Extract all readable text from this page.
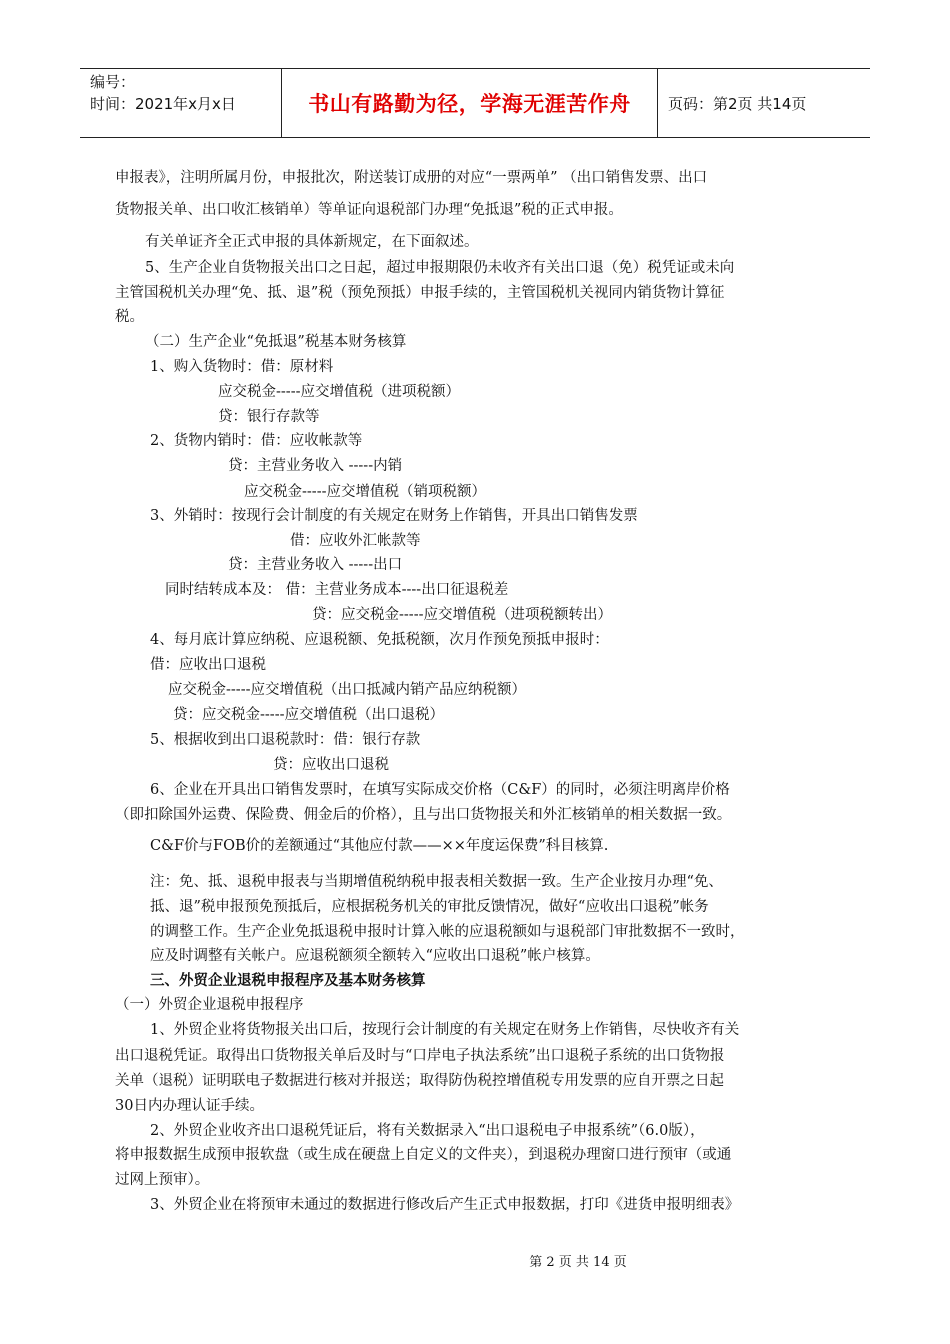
编号：
时间：2021年x月x日	书山有路勤为径，学海无涯苦作舟 页码：第2页 共14页
申报表》，注明所属月份，申报批次，附送装订成册的对应“一票两单” （出口销售发票、出口
货物报关单、出口收汇核销单）等单证向退税部门办理“免抵退”税的正式申报。
有关单证齐全正式申报的具体新规定，在下面叙述。
5、生产企业自货物报关出口之日起，超过申报期限仍未收齐有关出口退（免）税凭证或未向
主管国税机关办理“免、抵、退”税（预免预抵）申报手续的，主管国税机关视同内销货物计算征
税。
（二）生产企业“免抵退”税基本财务核算
1、购入货物时：借：原材料
应交税金-----应交增值税（进项税额）
贷：银行存款等
2、货物内销时：借：应收帐款等
贷：主营业务收入 -----内销
应交税金-----应交增值税（销项税额）
3、外销时：按现行会计制度的有关规定在财务上作销售，开具出口销售发票
借：应收外汇帐款等
贷：主营业务收入 -----出口
同时结转成本及： 借：主营业务成本----出口征退税差
贷：应交税金-----应交增值税（进项税额转出）
4、每月底计算应纳税、应退税额、免抵税额，次月作预免预抵申报时：
借：应收出口退税
应交税金-----应交增值税（出口抵减内销产品应纳税额）
贷：应交税金-----应交增值税（出口退税）
5、根据收到出口退税款时：借：银行存款
贷：应收出口退税
6、企业在开具出口销售发票时，在填写实际成交价格（C&F）的同时，必须注明离岸价格
（即扣除国外运费、保险费、佣金后的价格），且与出口货物报关和外汇核销单的相关数据一致。
C&F价与FOB价的差额通过“其他应付款——××年度运保费”科目核算.
注：免、抵、退税申报表与当期增值税纳税申报表相关数据一致。生产企业按月办理“免、
抵、退”税申报预免预抵后，应根据税务机关的审批反馈情况，做好“应收出口退税”帐务
的调整工作。生产企业免抵退税申报时计算入帐的应退税额如与退税部门审批数据不一致时，
应及时调整有关帐户。应退税额须全额转入“应收出口退税”帐户核算。
三、外贸企业退税申报程序及基本财务核算
（一）外贸企业退税申报程序
1、外贸企业将货物报关出口后，按现行会计制度的有关规定在财务上作销售，尽快收齐有关
出口退税凭证。取得出口货物报关单后及时与“口岸电子执法系统”出口退税子系统的出口货物报
关单（退税）证明联电子数据进行核对并报送；取得防伪税控增值税专用发票的应自开票之日起
30日内办理认证手续。
2、外贸企业收齐出口退税凭证后，将有关数据录入“出口退税电子申报系统”（6.0版），
将申报数据生成预申报软盘（或生成在硬盘上自定义的文件夹），到退税办理窗口进行预审（或通
过网上预审）。
3、外贸企业在将预审未通过的数据进行修改后产生正式申报数据，打印《进货申报明细表》
第 2 页 共 14 页
